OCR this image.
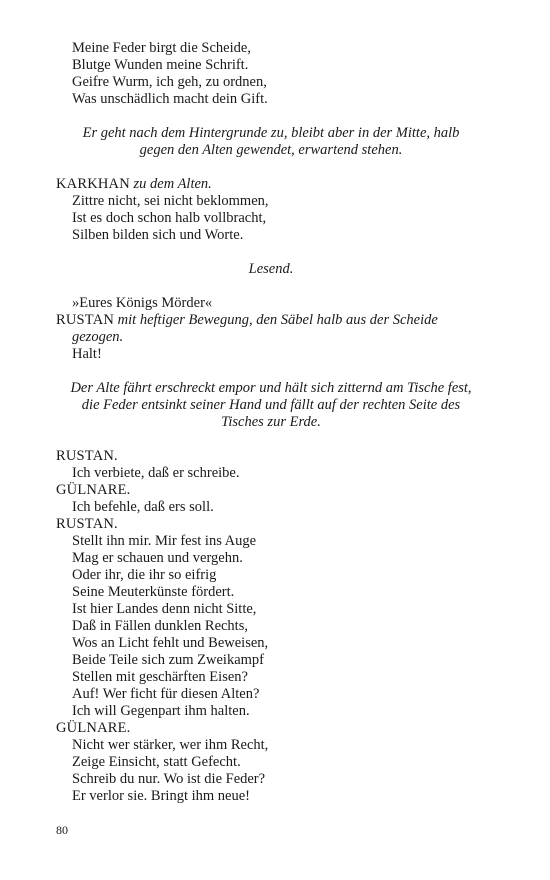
Meine Feder birgt die Scheide,
Blutge Wunden meine Schrift.
Geifre Wurm, ich geh, zu ordnen,
Was unschädlich macht dein Gift.
Er geht nach dem Hintergrunde zu, bleibt aber in der Mitte, halb
gegen den Alten gewendet, erwartend stehen.
KARKHAN zu dem Alten.
Zittre nicht, sei nicht beklommen,
Ist es doch schon halb vollbracht,
Silben bilden sich und Worte.
Lesend.
»Eures Königs Mörder«
RUSTAN mit heftiger Bewegung, den Säbel halb aus der Scheide
gezogen.
Halt!
Der Alte fährt erschreckt empor und hält sich zitternd am Tische fest,
die Feder entsinkt seiner Hand und fällt auf der rechten Seite des
Tisches zur Erde.
RUSTAN.
Ich verbiete, daß er schreibe.
GÜLNARE.
Ich befehle, daß ers soll.
RUSTAN.
Stellt ihn mir. Mir fest ins Auge
Mag er schauen und vergehn.
Oder ihr, die ihr so eifrig
Seine Meuterkünste fördert.
Ist hier Landes denn nicht Sitte,
Daß in Fällen dunklen Rechts,
Wos an Licht fehlt und Beweisen,
Beide Teile sich zum Zweikampf
Stellen mit geschärften Eisen?
Auf! Wer ficht für diesen Alten?
Ich will Gegenpart ihm halten.
GÜLNARE.
Nicht wer stärker, wer ihm Recht,
Zeige Einsicht, statt Gefecht.
Schreib du nur. Wo ist die Feder?
Er verlor sie. Bringt ihm neue!
80
